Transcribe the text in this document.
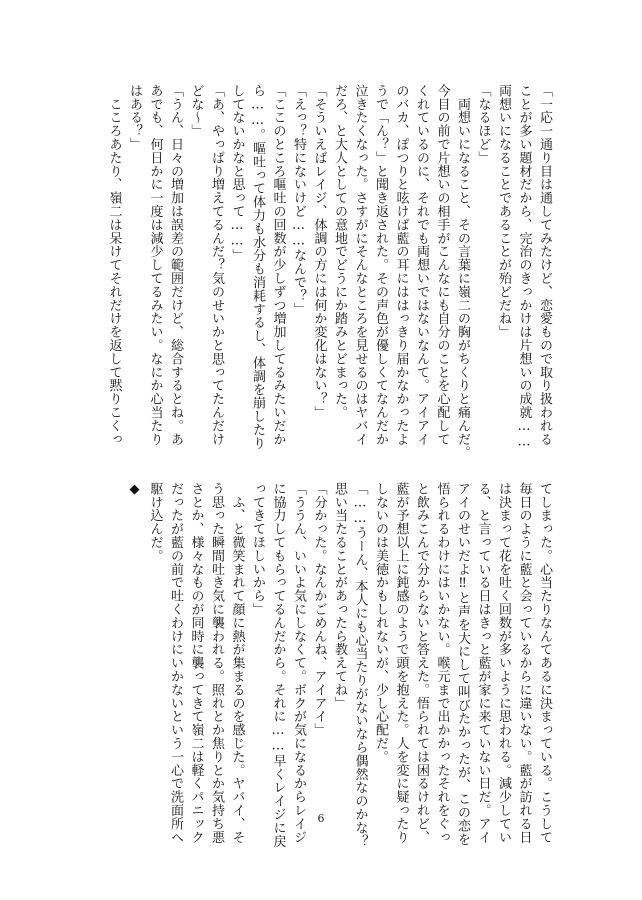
「一応一通り目は通してみたけど、恋愛もので取り扱われる
ことが多い題材だから、完治のきっかけは片想いの成就……
両想いになることであることが殆どだね」
「なるほど」
　両想いになること、その言葉に嶺二の胸がちくりと痛んだ。
今目の前で片想いの相手がこんなにも自分のことを心配して
くれているのに、それでも両想いではないなんて。アイアイ
のバカ、ぽつりと呟けば藍の耳にははっきり届かなかったよ
うで「ん？」と聞き返された。その声色が優しくてなんだか
泣きたくなった。さすがにそんなところを見せるのはヤバイ
だろ、と大人としての意地でどうにか踏みとどまった。
「そういえばレイジ、体調の方には何か変化はない？」
「えっ？特にないけど……なんで？」
「ここのところ嘔吐の回数が少しずつ増加してるみたいだか
ら……。嘔吐って体力も水分も消耗するし、体調を崩したり
してないかなと思って……」
「あ、やっぱり増えてるんだ？気のせいかと思ってたんだけ
どな～」
「うん、日々の増加は誤差の範囲だけど、総合するとね。あ
あでも、何日かに一度は減少してるみたい。なにか心当たり
はある？」
　こころあたり、嶺二は呆けてそれだけを返して黙りこくっ
てしまった。心当たりなんてあるに決まっている。こうして
毎日のように藍と会っているからに違いない。藍が訪れる日
は決まって花を吐く回数が多いように思われる。減少してい
る、と言っている日はきっと藍が家に来ていない日だ。アイ
アイのせいだよ‼と声を大にして叫びたかったが、この恋を
悟られるわけにはいかない。喉元まで出かかったそれをぐっ
と飲みこんで分からないと答えた。悟られては困るけれど、
藍が予想以上に鈍感のようで頭を抱えた。人を変に疑ったり
しないのは美徳かもしれないが、少し心配だ。
「……うーん、本人にも心当たりがないなら偶然なのかな？
思い当たることがあったら教えてね」
「分かった。なんかごめんね、アイアイ」
「ううん、いいよ気にしなくて。ボクが気になるからレイジ
に協力してもらってるんだから。それに……早くレイジに戻
ってきてほしいから」
　ふ、と微笑まれて顔に熱が集まるのを感じた。ヤバイ、そ
う思った瞬間吐き気に襲われる。照れとか焦りとか気持ち悪
さとか、様々なものが同時に襲ってきて嶺二は軽くパニック
だったが藍の前で吐くわけにいかないという一心で洗面所へ
駆け込んだ。
◆
6
